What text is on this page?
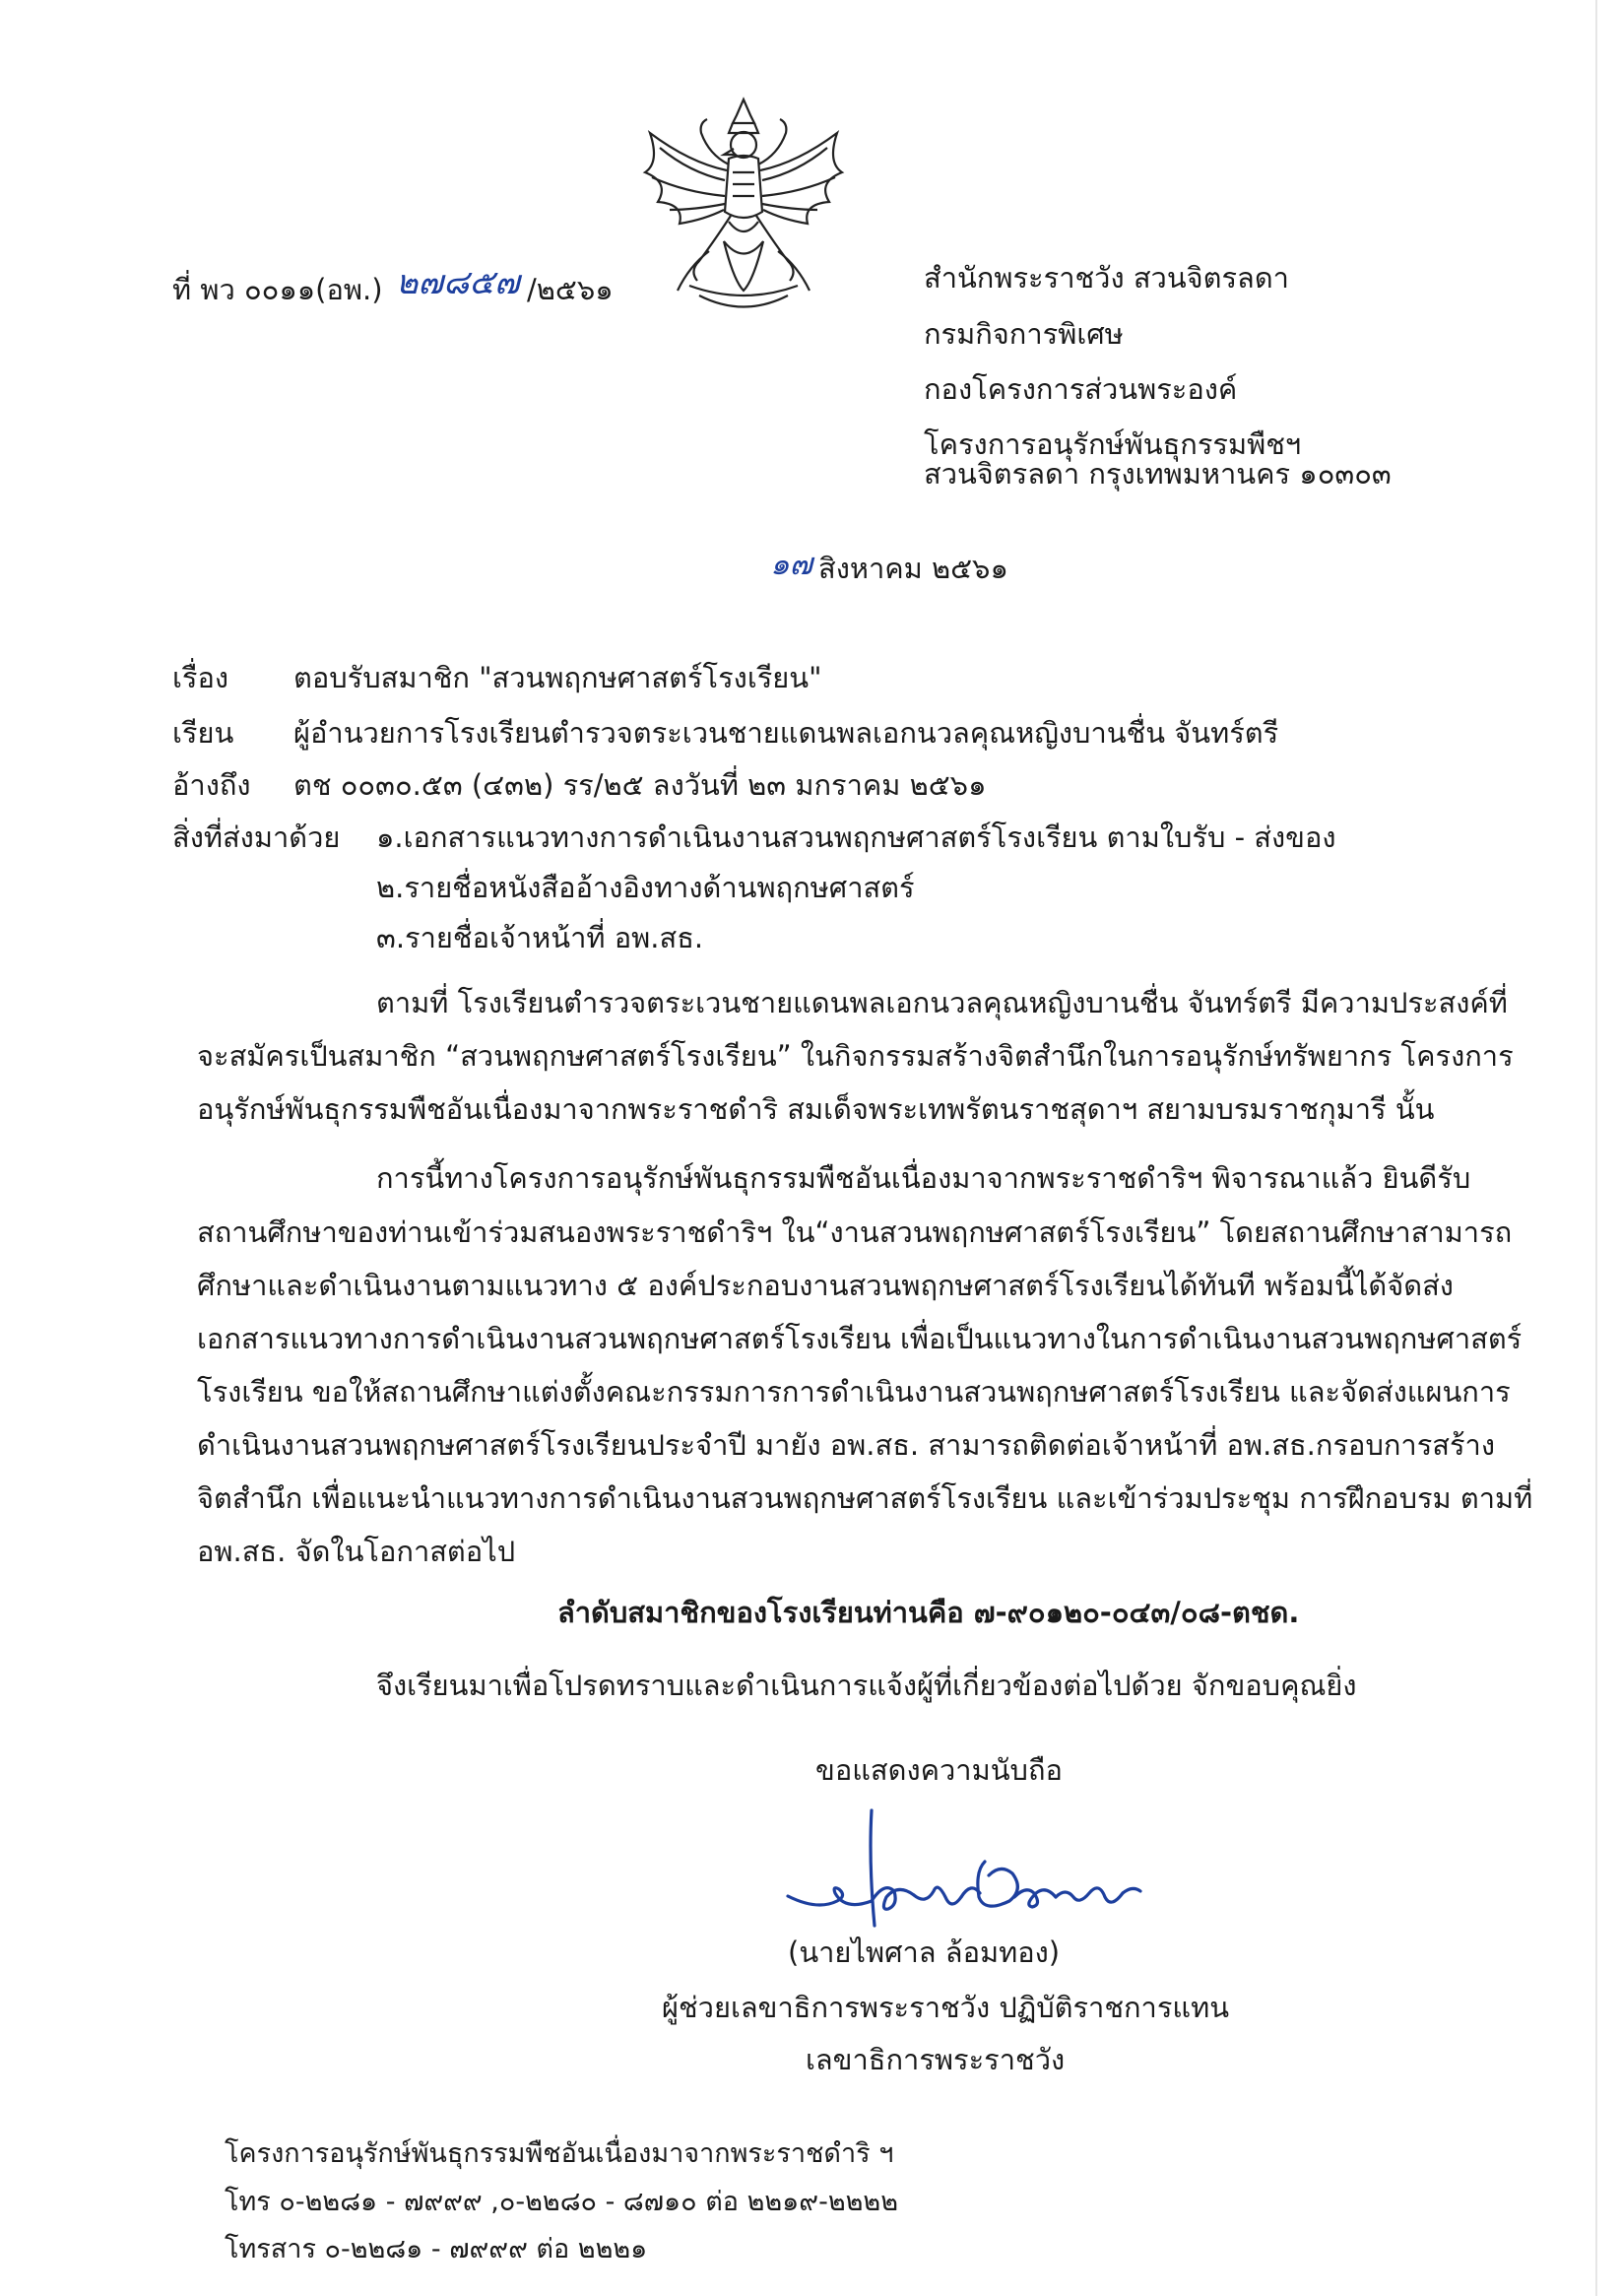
ที่ พว ๐๐๑๑(อพ.) ๒๗๘๕๗ /๒๕๖๑	สำนักพระราชวัง สวนจิตรลดา
กรมกิจการพิเศษ
กองโครงการส่วนพระองค์
โครงการอนุรักษ์พันธุกรรมพืชฯ
สวนจิตรลดา กรุงเทพมหานคร ๑๐๓๐๓
๑๗ สิงหาคม ๒๕๖๑
เรื่อง ตอบรับสมาชิก "สวนพฤกษศาสตร์โรงเรียน"
เรียน ผู้อำนวยการโรงเรียนตำรวจตระเวนชายแดนพลเอกนวลคุณหญิงบานชื่น จันทร์ตรี
อ้างถึง ตช ๐๐๓๐.๕๓ (๔๓๒) รร/๒๕ ลงวันที่ ๒๓ มกราคม ๒๕๖๑
สิ่งที่ส่งมาด้วย ๑.เอกสารแนวทางการดำเนินงานสวนพฤกษศาสตร์โรงเรียน ตามใบรับ - ส่งของ
๒.รายชื่อหนังสืออ้างอิงทางด้านพฤกษศาสตร์
๓.รายชื่อเจ้าหน้าที่ อพ.สธ.
ตามที่ โรงเรียนตำรวจตระเวนชายแดนพลเอกนวลคุณหญิงบานชื่น จันทร์ตรี มีความประสงค์ที่
จะสมัครเป็นสมาชิก “สวนพฤกษศาสตร์โรงเรียน” ในกิจกรรมสร้างจิตสำนึกในการอนุรักษ์ทรัพยากร โครงการ
อนุรักษ์พันธุกรรมพืชอันเนื่องมาจากพระราชดำริ สมเด็จพระเทพรัตนราชสุดาฯ สยามบรมราชกุมารี นั้น
การนี้ทางโครงการอนุรักษ์พันธุกรรมพืชอันเนื่องมาจากพระราชดำริฯ พิจารณาแล้ว ยินดีรับ
สถานศึกษาของท่านเข้าร่วมสนองพระราชดำริฯ ใน“งานสวนพฤกษศาสตร์โรงเรียน” โดยสถานศึกษาสามารถ
ศึกษาและดำเนินงานตามแนวทาง ๕ องค์ประกอบงานสวนพฤกษศาสตร์โรงเรียนได้ทันที พร้อมนี้ได้จัดส่ง
เอกสารแนวทางการดำเนินงานสวนพฤกษศาสตร์โรงเรียน เพื่อเป็นแนวทางในการดำเนินงานสวนพฤกษศาสตร์
โรงเรียน ขอให้สถานศึกษาแต่งตั้งคณะกรรมการการดำเนินงานสวนพฤกษศาสตร์โรงเรียน และจัดส่งแผนการ
ดำเนินงานสวนพฤกษศาสตร์โรงเรียนประจำปี มายัง อพ.สธ. สามารถติดต่อเจ้าหน้าที่ อพ.สธ.กรอบการสร้าง
จิตสำนึก เพื่อแนะนำแนวทางการดำเนินงานสวนพฤกษศาสตร์โรงเรียน และเข้าร่วมประชุม การฝึกอบรม ตามที่
อพ.สธ. จัดในโอกาสต่อไป
ลำดับสมาชิกของโรงเรียนท่านคือ ๗-๙๐๑๒๐-๐๔๓/๐๘-ตชด.
จึงเรียนมาเพื่อโปรดทราบและดำเนินการแจ้งผู้ที่เกี่ยวข้องต่อไปด้วย จักขอบคุณยิ่ง
ขอแสดงความนับถือ
(นายไพศาล ล้อมทอง)
ผู้ช่วยเลขาธิการพระราชวัง ปฏิบัติราชการแทน
เลขาธิการพระราชวัง
โครงการอนุรักษ์พันธุกรรมพืชอันเนื่องมาจากพระราชดำริ ฯ
โทร ๐-๒๒๘๑ - ๗๙๙๙ ,๐-๒๒๘๐ - ๘๗๑๐ ต่อ ๒๒๑๙-๒๒๒๒
โทรสาร ๐-๒๒๘๑ - ๗๙๙๙ ต่อ ๒๒๒๑
